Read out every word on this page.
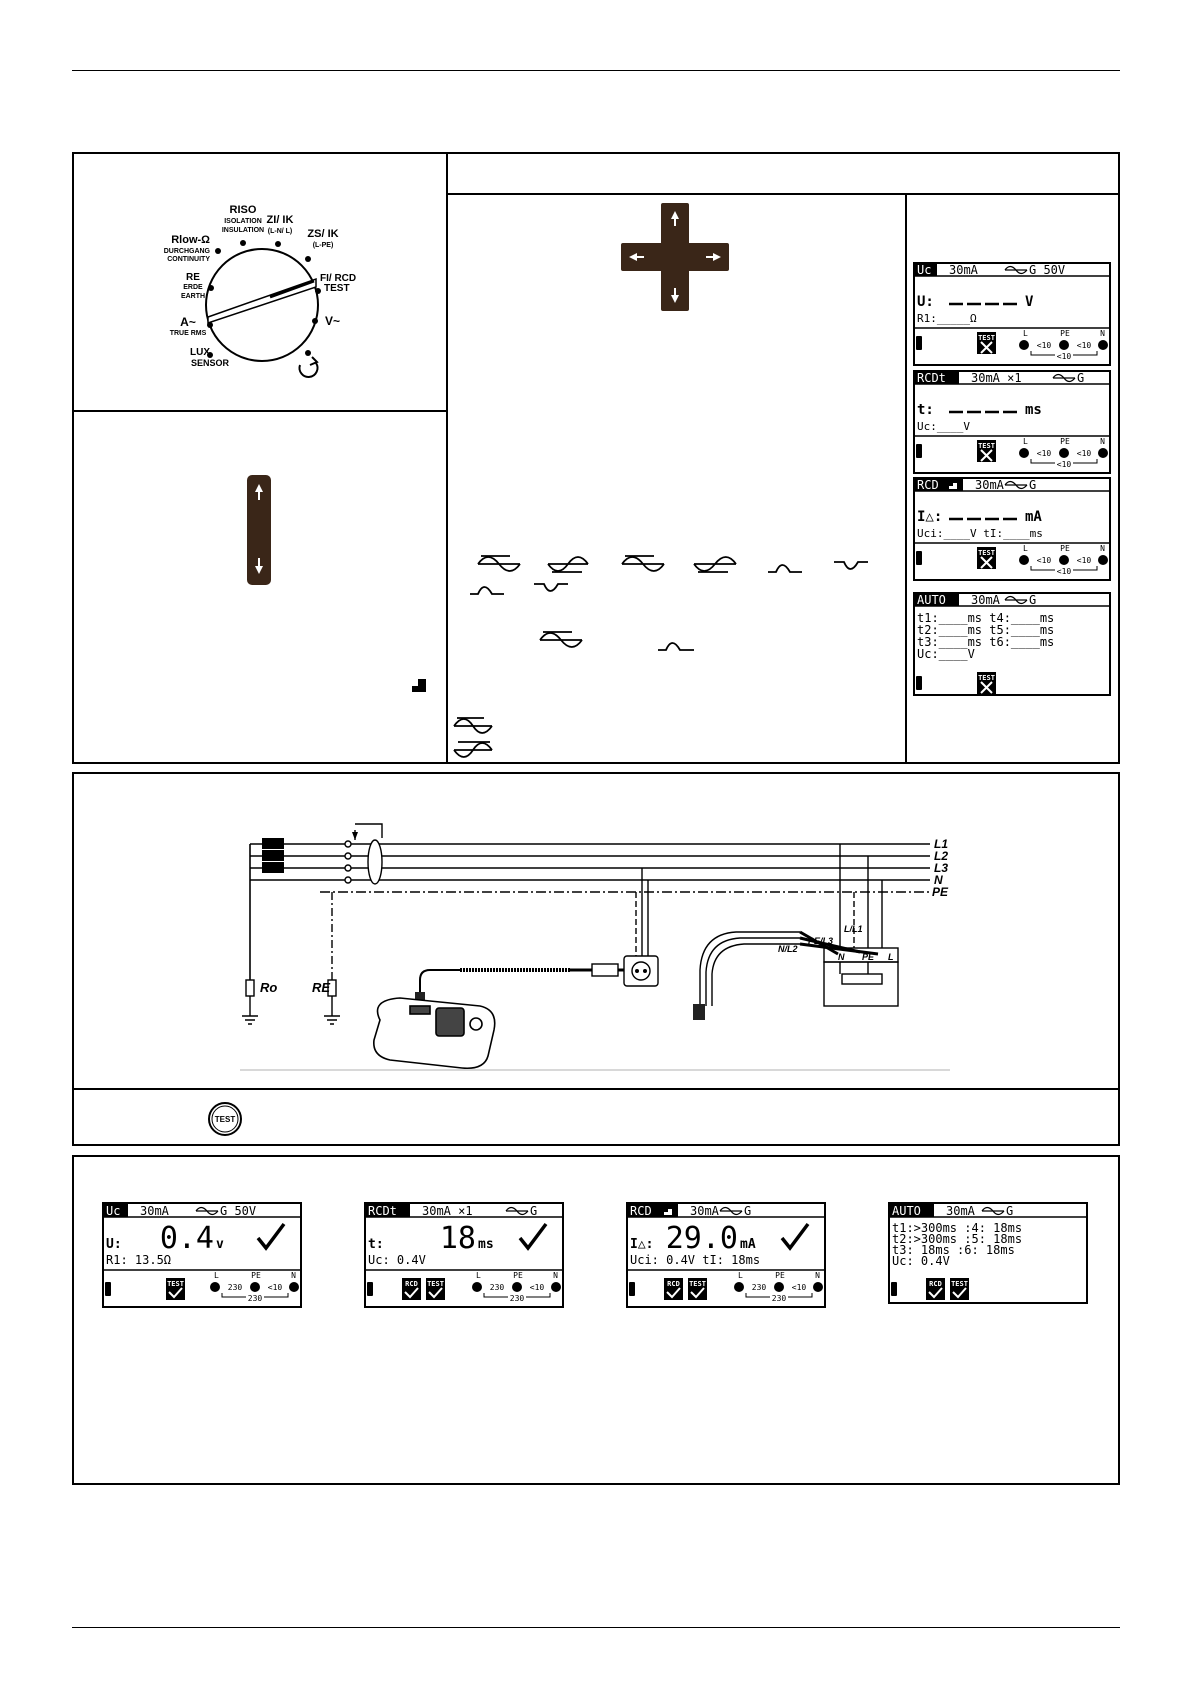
Rlow-Ω
DURCHGANG
CONTINUITY
RISO
ISOLATION
INSULATION
ZI/ IK
(L-N/ L) ZS/ IK
(L-PE)
FI/ RCD
TEST
V~
RE
ERDE
EARTH
A~
TRUE RMS
LUX
SENSOR
Uc 30mA	G 50V
U:	V
R1:_____Ω
TEST	L	PE	N
<10	<10
<10
RCDt 30mA ×1	G
t:	ms
Uc:____V
TEST	L	PE	N
<10	<10
<10
RCD	30mA G
I△:	mA
Uci:____V tI:____ms
TEST	L	PE	N
<10	<10
<10
AUTO 30mA G
t1:____ms t4:____ms
t2:____ms t5:____ms
t3:____ms t6:____ms
Uc:____V
TEST
L1
L2
L3
N
PE
Ro	RE
PE/L3
L/L1
N/L2
N PE L
TEST
Uc 30mA	G 50V
U: 0.4 v
R1: 13.5Ω
TEST
L	PE	N
230	<10
230
RCDt 30mA ×1	G
t: 18 ms
Uc: 0.4V
RCD TEST
L	PE	N
230	<10
230
RCD	30mA G
I△: 29.0 mA
Uci: 0.4V tI: 18ms
RCD TEST
L	PE	N
230	<10
230
AUTO 30mA	G
t1:>300ms :4: 18ms
t2:>300ms :5: 18ms
t3: 18ms :6: 18ms
Uc: 0.4V
RCD TEST
